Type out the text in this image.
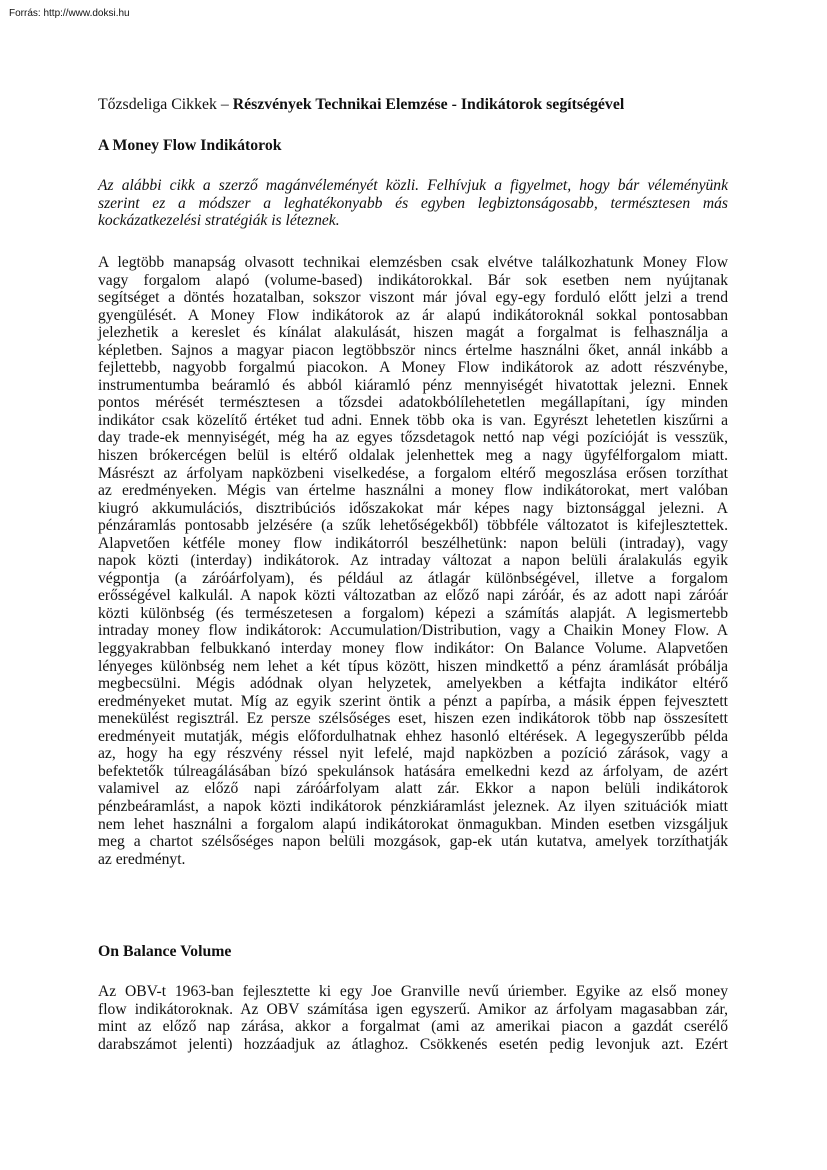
Forrás: http://www.doksi.hu
Tőzsdeliga Cikkek – Részvények Technikai Elemzése - Indikátorok segítségével
A Money Flow Indikátorok
Az alábbi cikk a szerző magánvéleményét közli. Felhívjuk a figyelmet, hogy bár véleményünk
szerint ez a módszer a leghatékonyabb és egyben legbiztonságosabb, természtesen más
kockázatkezelési stratégiák is léteznek.
A legtöbb manapság olvasott technikai elemzésben csak elvétve találkozhatunk Money Flow
vagy forgalom alapó (volume-based) indikátorokkal. Bár sok esetben nem nyújtanak
segítséget a döntés hozatalban, sokszor viszont már jóval egy-egy forduló előtt jelzi a trend
gyengülését. A Money Flow indikátorok az ár alapú indikátoroknál sokkal pontosabban
jelezhetik a kereslet és kínálat alakulását, hiszen magát a forgalmat is felhasználja a
képletben. Sajnos a magyar piacon legtöbbször nincs értelme használni őket, annál inkább a
fejlettebb, nagyobb forgalmú piacokon. A Money Flow indikátorok az adott részvénybe,
instrumentumba beáramló és abból kiáramló pénz mennyiségét hivatottak jelezni. Ennek
pontos mérését természtesen a tőzsdei adatokbólílehetetlen megállapítani, így minden
indikátor csak közelítő értéket tud adni. Ennek több oka is van. Egyrészt lehetetlen kiszűrni a
day trade-ek mennyiségét, még ha az egyes tőzsdetagok nettó nap végi pozícióját is vesszük,
hiszen brókercégen belül is eltérő oldalak jelenhettek meg a nagy ügyfélforgalom miatt.
Másrészt az árfolyam napközbeni viselkedése, a forgalom eltérő megoszlása erősen torzíthat
az eredményeken. Mégis van értelme használni a money flow indikátorokat, mert valóban
kiugró akkumulációs, disztribúciós időszakokat már képes nagy biztonsággal jelezni. A
pénzáramlás pontosabb jelzésére (a szűk lehetőségekből) többféle változatot is kifejlesztettek.
Alapvetően kétféle money flow indikátorról beszélhetünk: napon belüli (intraday), vagy
napok közti (interday) indikátorok. Az intraday változat a napon belüli áralakulás egyik
végpontja (a záróárfolyam), és például az átlagár különbségével, illetve a forgalom
erősségével kalkulál. A napok közti változatban az előző napi záróár, és az adott napi záróár
közti különbség (és természetesen a forgalom) képezi a számítás alapját. A legismertebb
intraday money flow indikátorok: Accumulation/Distribution, vagy a Chaikin Money Flow. A
leggyakrabban felbukkanó interday money flow indikátor: On Balance Volume. Alapvetően
lényeges különbség nem lehet a két típus között, hiszen mindkettő a pénz áramlását próbálja
megbecsülni. Mégis adódnak olyan helyzetek, amelyekben a kétfajta indikátor eltérő
eredményeket mutat. Míg az egyik szerint öntik a pénzt a papírba, a másik éppen fejvesztett
menekülést regisztrál. Ez persze szélsőséges eset, hiszen ezen indikátorok több nap összesített
eredményeit mutatják, mégis előfordulhatnak ehhez hasonló eltérések. A legegyszerűbb példa
az, hogy ha egy részvény réssel nyit lefelé, majd napközben a pozíció zárások, vagy a
befektetők túlreagálásában bízó spekulánsok hatására emelkedni kezd az árfolyam, de azért
valamivel az előző napi záróárfolyam alatt zár. Ekkor a napon belüli indikátorok
pénzbeáramlást, a napok közti indikátorok pénzkiáramlást jeleznek. Az ilyen szituációk miatt
nem lehet használni a forgalom alapú indikátorokat önmagukban. Minden esetben vizsgáljuk
meg a chartot szélsőséges napon belüli mozgások, gap-ek után kutatva, amelyek torzíthatják
az eredményt.
On Balance Volume
Az OBV-t 1963-ban fejlesztette ki egy Joe Granville nevű úriember. Egyike az első money
flow indikátoroknak. Az OBV számítása igen egyszerű. Amikor az árfolyam magasabban zár,
mint az előző nap zárása, akkor a forgalmat (ami az amerikai piacon a gazdát cserélő
darabszámot jelenti) hozzáadjuk az átlaghoz. Csökkenés esetén pedig levonjuk azt. Ezért
